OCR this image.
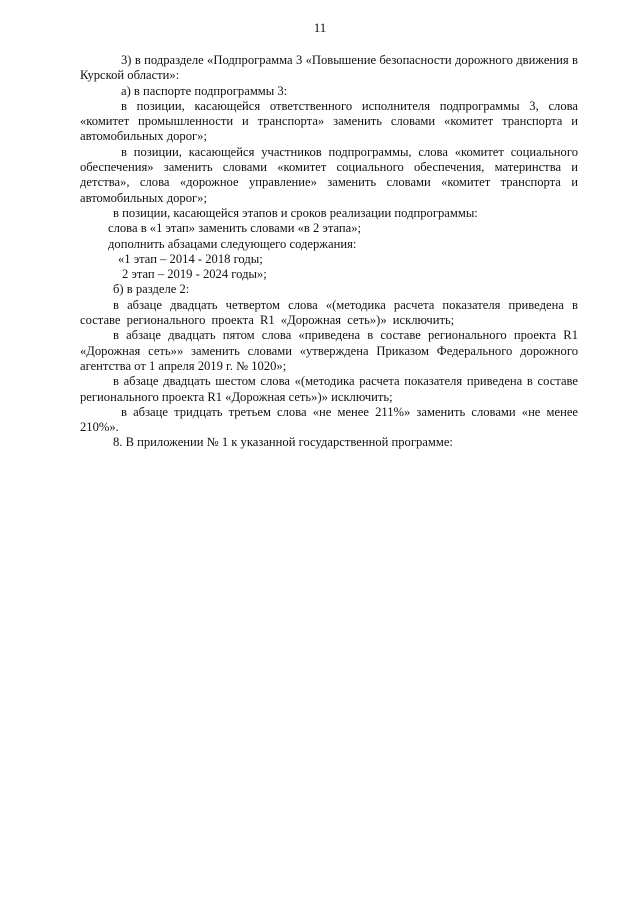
11

3) в подразделе «Подпрограмма 3 «Повышение безопасности дорожного движения в Курской области»:

а) в паспорте подпрограммы 3:

в позиции, касающейся ответственного исполнителя подпрограммы 3, слова «комитет промышленности и транспорта» заменить словами «комитет транспорта и автомобильных дорог»;

в позиции, касающейся участников подпрограммы, слова «комитет социального обеспечения» заменить словами «комитет социального обеспечения, материнства и детства», слова «дорожное управление» заменить словами «комитет транспорта и автомобильных дорог»;

в позиции, касающейся этапов и сроков реализации подпрограммы:

слова в «1 этап» заменить словами «в 2 этапа»;

дополнить абзацами следующего содержания:

«1 этап – 2014 - 2018 годы;

2 этап – 2019 - 2024 годы»;

б) в разделе 2:

в абзаце двадцать четвертом слова «(методика расчета показателя приведена в составе регионального проекта R1 «Дорожная сеть»)» исключить;

в абзаце двадцать пятом слова «приведена в составе регионального проекта R1 «Дорожная сеть»» заменить словами «утверждена Приказом Федерального дорожного агентства от 1 апреля 2019 г. № 1020»;

в абзаце двадцать шестом слова «(методика расчета показателя приведена в составе регионального проекта R1 «Дорожная сеть»)» исключить;

в абзаце тридцать третьем слова «не менее 211%» заменить словами «не менее 210%».

8. В приложении № 1 к указанной государственной программе:
